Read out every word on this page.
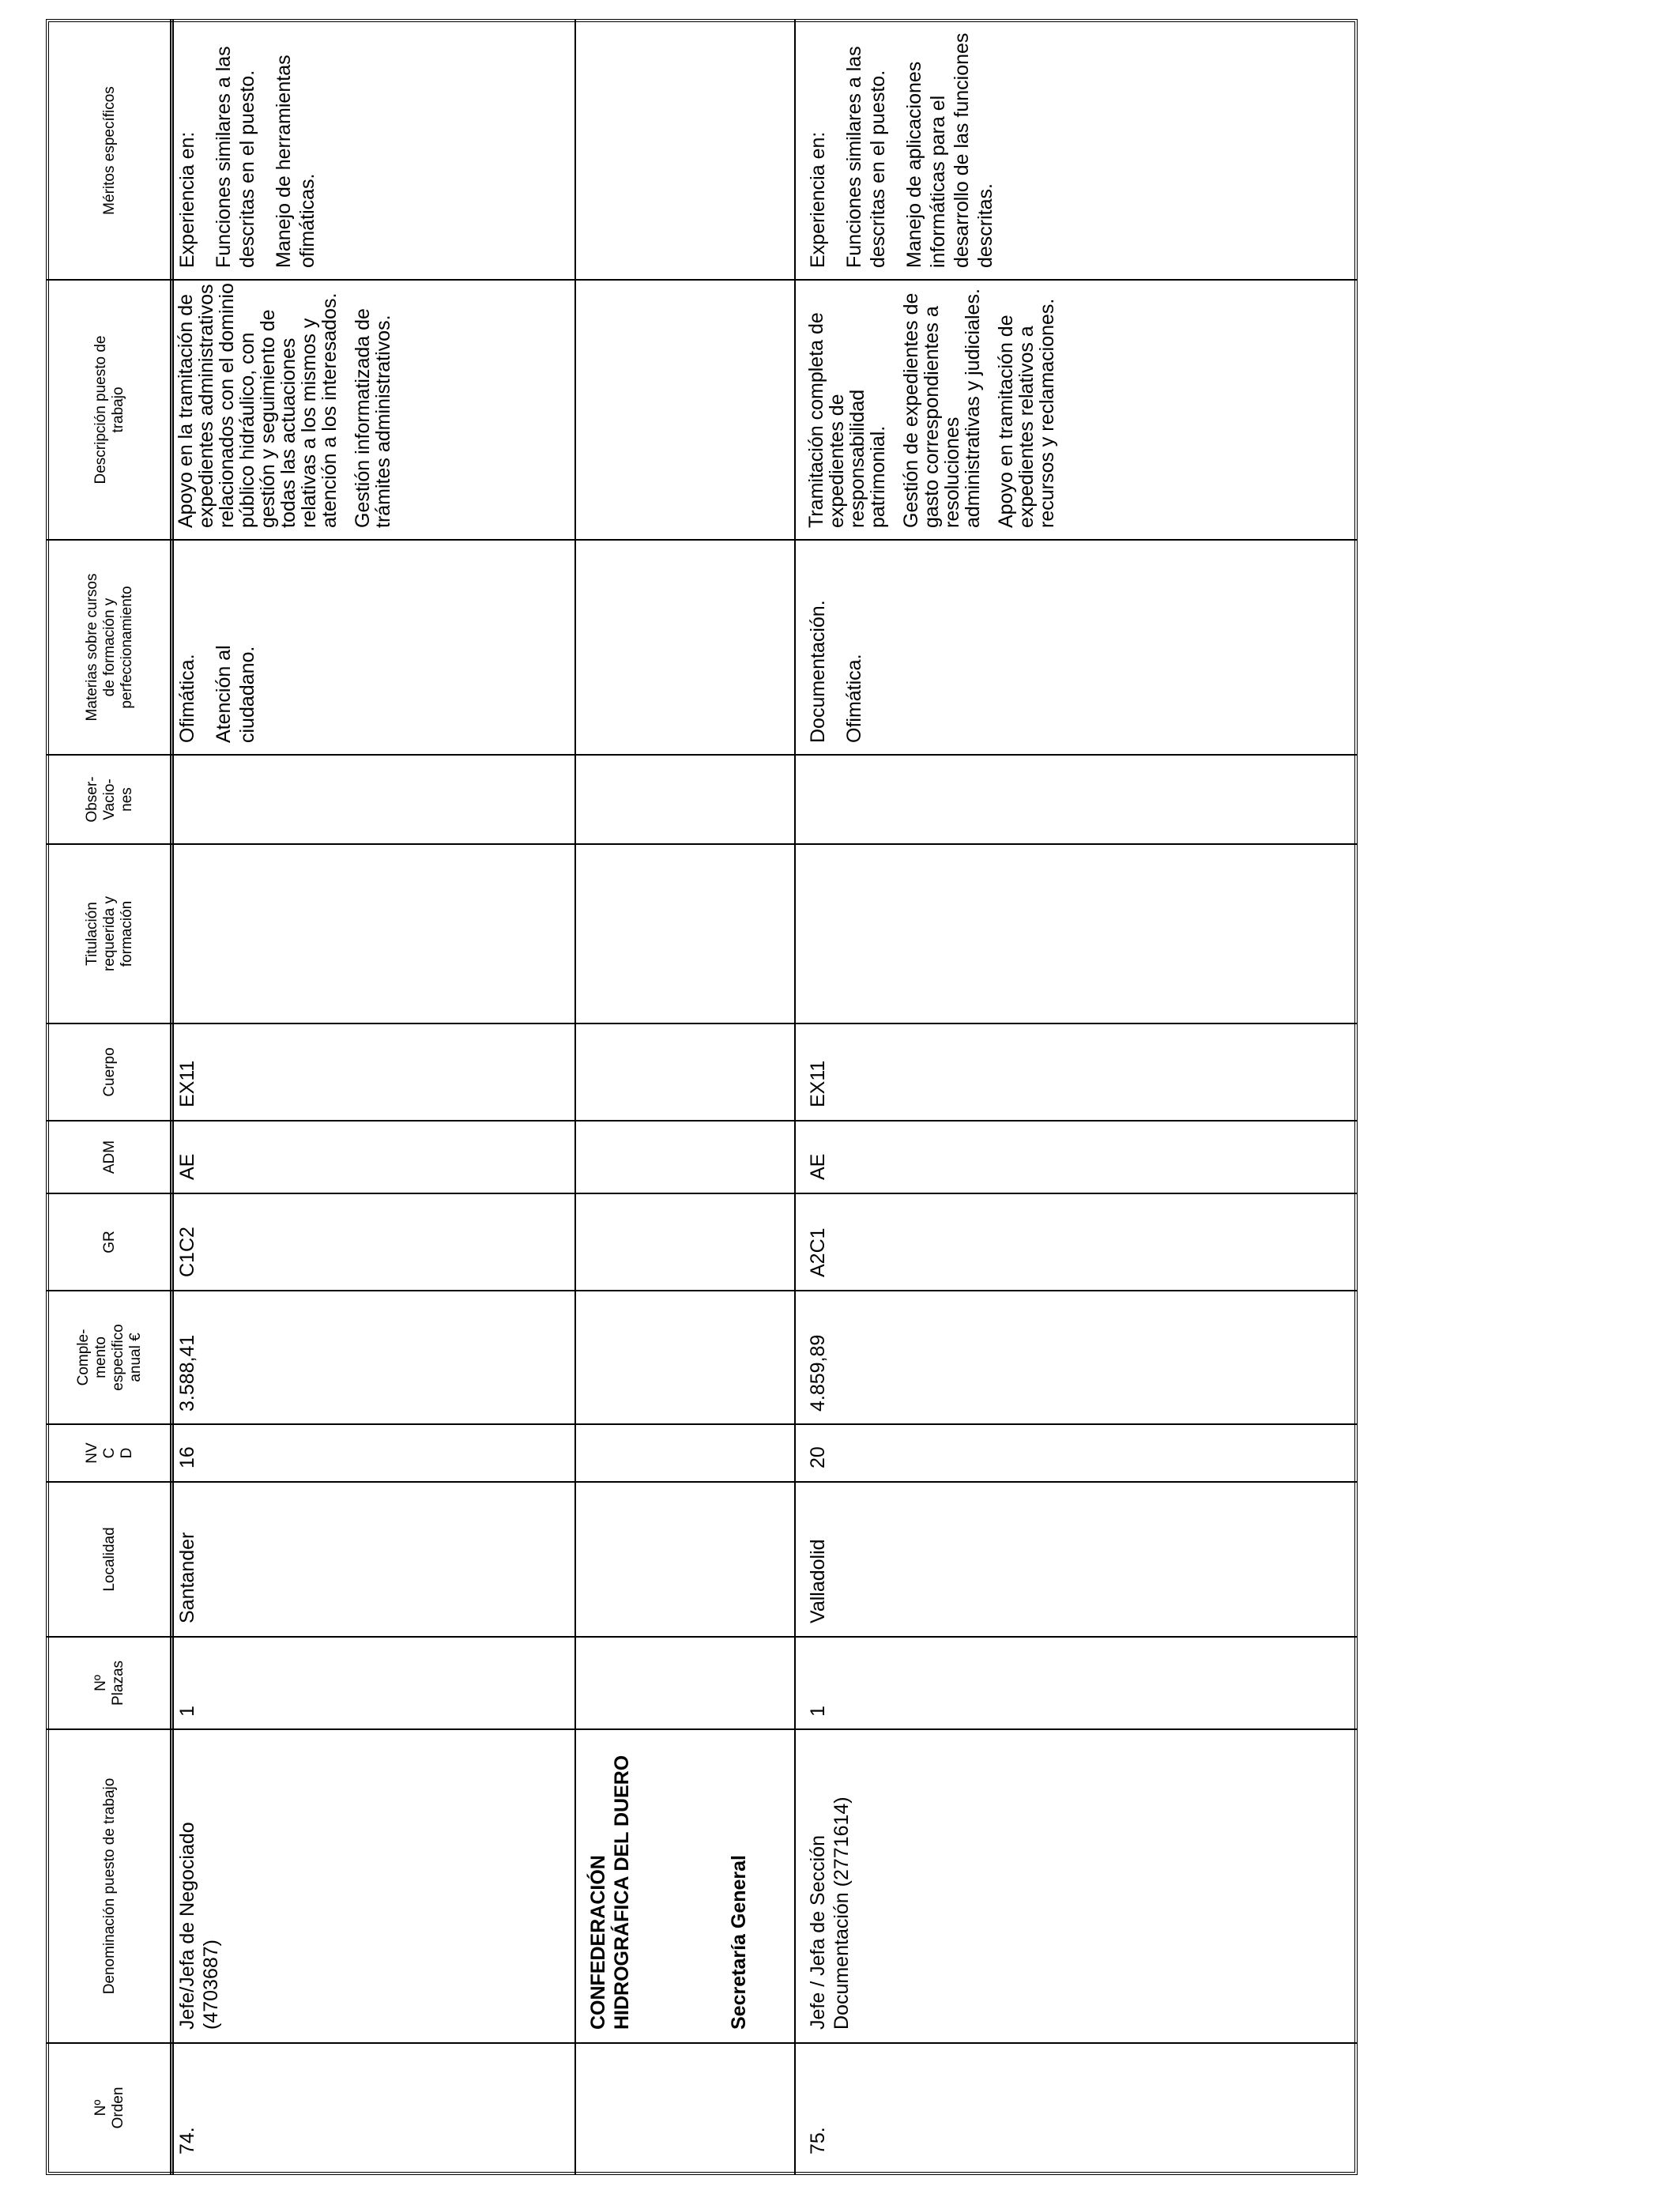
Nº
Orden
Denominación puesto de trabajo
Nº
Plazas
Localidad
NV
C
D
Comple-
mento
especifico
anual €
GR
ADM
Cuerpo
Titulación
requerida y
formación
Obser-
Vacio-
nes
Materias sobre cursos
de formación y
perfeccionamiento
Descripción puesto de
trabajo
Méritos específicos
74.
Jefe/Jefa de Negociado (4703687)
1
Santander
16
3.588,41
C1C2
AE
EX11

Ofimática. Atención al ciudadano.

Apoyo en la tramitación de expedientes administrativos relacionados con el dominio público hidráulico, con gestión y seguimiento de todas las actuaciones relativas a los mismos y atención a los interesados. Gestión informatizada de trámites administrativos.

Experiencia en: Funciones similares a las descritas en el puesto. Manejo de herramientas ofimáticas.

CONFEDERACIÓN HIDROGRÁFICA DEL DUERO	Secretaría General
75.
Jefe / Jefa de Sección Documentación (2771614)
1
Valladolid
20
4.859,89
A2C1
AE
EX11

Documentación. Ofimática.

Tramitación completa de expedientes de responsabilidad patrimonial. Gestión de expedientes de gasto correspondientes a resoluciones administrativas y judiciales. Apoyo en tramitación de expedientes relativos a recursos y reclamaciones.

Experiencia en: Funciones similares a las descritas en el puesto. Manejo de aplicaciones informáticas para el desarrollo de las funciones descritas.
